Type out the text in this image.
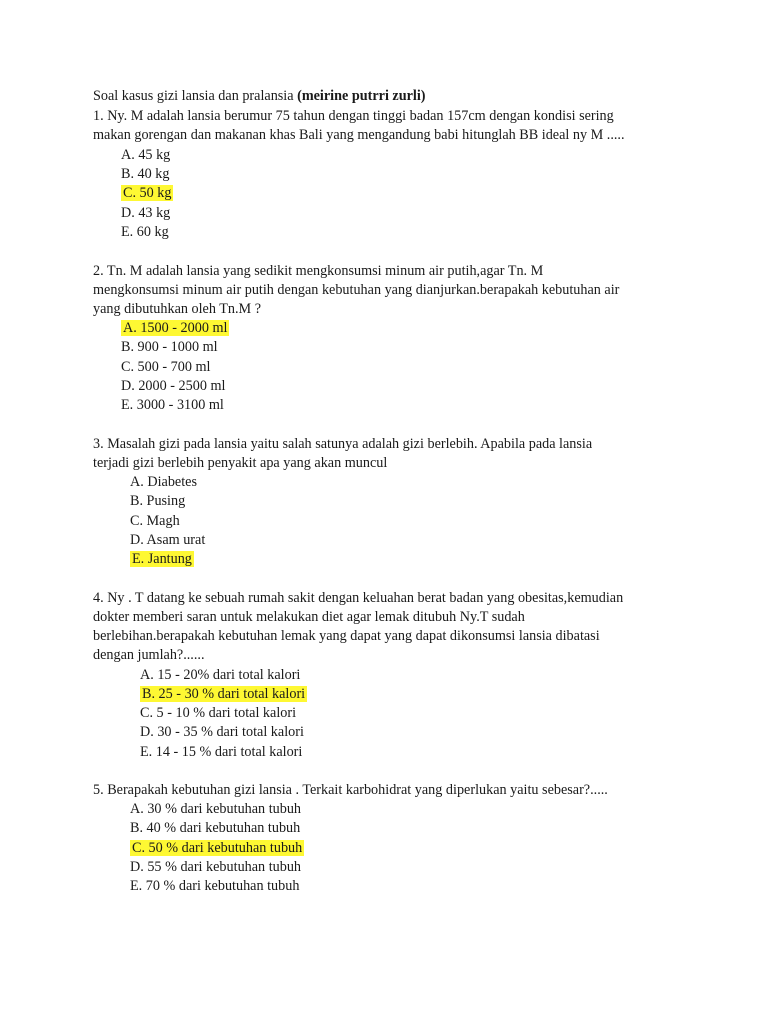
Soal kasus gizi lansia dan pralansia (meirine putrri zurli)
1. Ny. M adalah lansia berumur 75 tahun dengan tinggi badan 157cm dengan kondisi sering
makan gorengan dan makanan khas Bali yang mengandung babi hitunglah BB ideal ny M .....
A. 45 kg
B. 40 kg
C. 50 kg
D. 43 kg
E. 60 kg
2. Tn. M adalah lansia yang sedikit mengkonsumsi minum air putih,agar Tn. M
mengkonsumsi minum air putih dengan kebutuhan yang dianjurkan.berapakah kebutuhan air
yang dibutuhkan oleh Tn.M ?
A. 1500 - 2000 ml
B. 900 - 1000 ml
C. 500 - 700 ml
D. 2000 - 2500 ml
E. 3000 - 3100 ml
3. Masalah gizi pada lansia yaitu salah satunya adalah gizi berlebih. Apabila pada lansia
terjadi gizi berlebih penyakit apa yang akan muncul
A. Diabetes
B. Pusing
C. Magh
D. Asam urat
E. Jantung
4. Ny . T datang ke sebuah rumah sakit dengan keluahan berat badan yang obesitas,kemudian
dokter memberi saran untuk melakukan diet agar lemak ditubuh Ny.T sudah
berlebihan.berapakah kebutuhan lemak yang dapat yang dapat dikonsumsi lansia dibatasi
dengan jumlah?......
A. 15 - 20% dari total kalori
B. 25 - 30 % dari total kalori
C. 5 - 10 % dari total kalori
D. 30 - 35 % dari total kalori
E. 14 - 15 % dari total kalori
5. Berapakah kebutuhan gizi lansia . Terkait karbohidrat yang diperlukan yaitu sebesar?.....
A. 30 % dari kebutuhan tubuh
B. 40 % dari kebutuhan tubuh
C. 50 % dari kebutuhan tubuh
D. 55 % dari kebutuhan tubuh
E. 70 % dari kebutuhan tubuh
